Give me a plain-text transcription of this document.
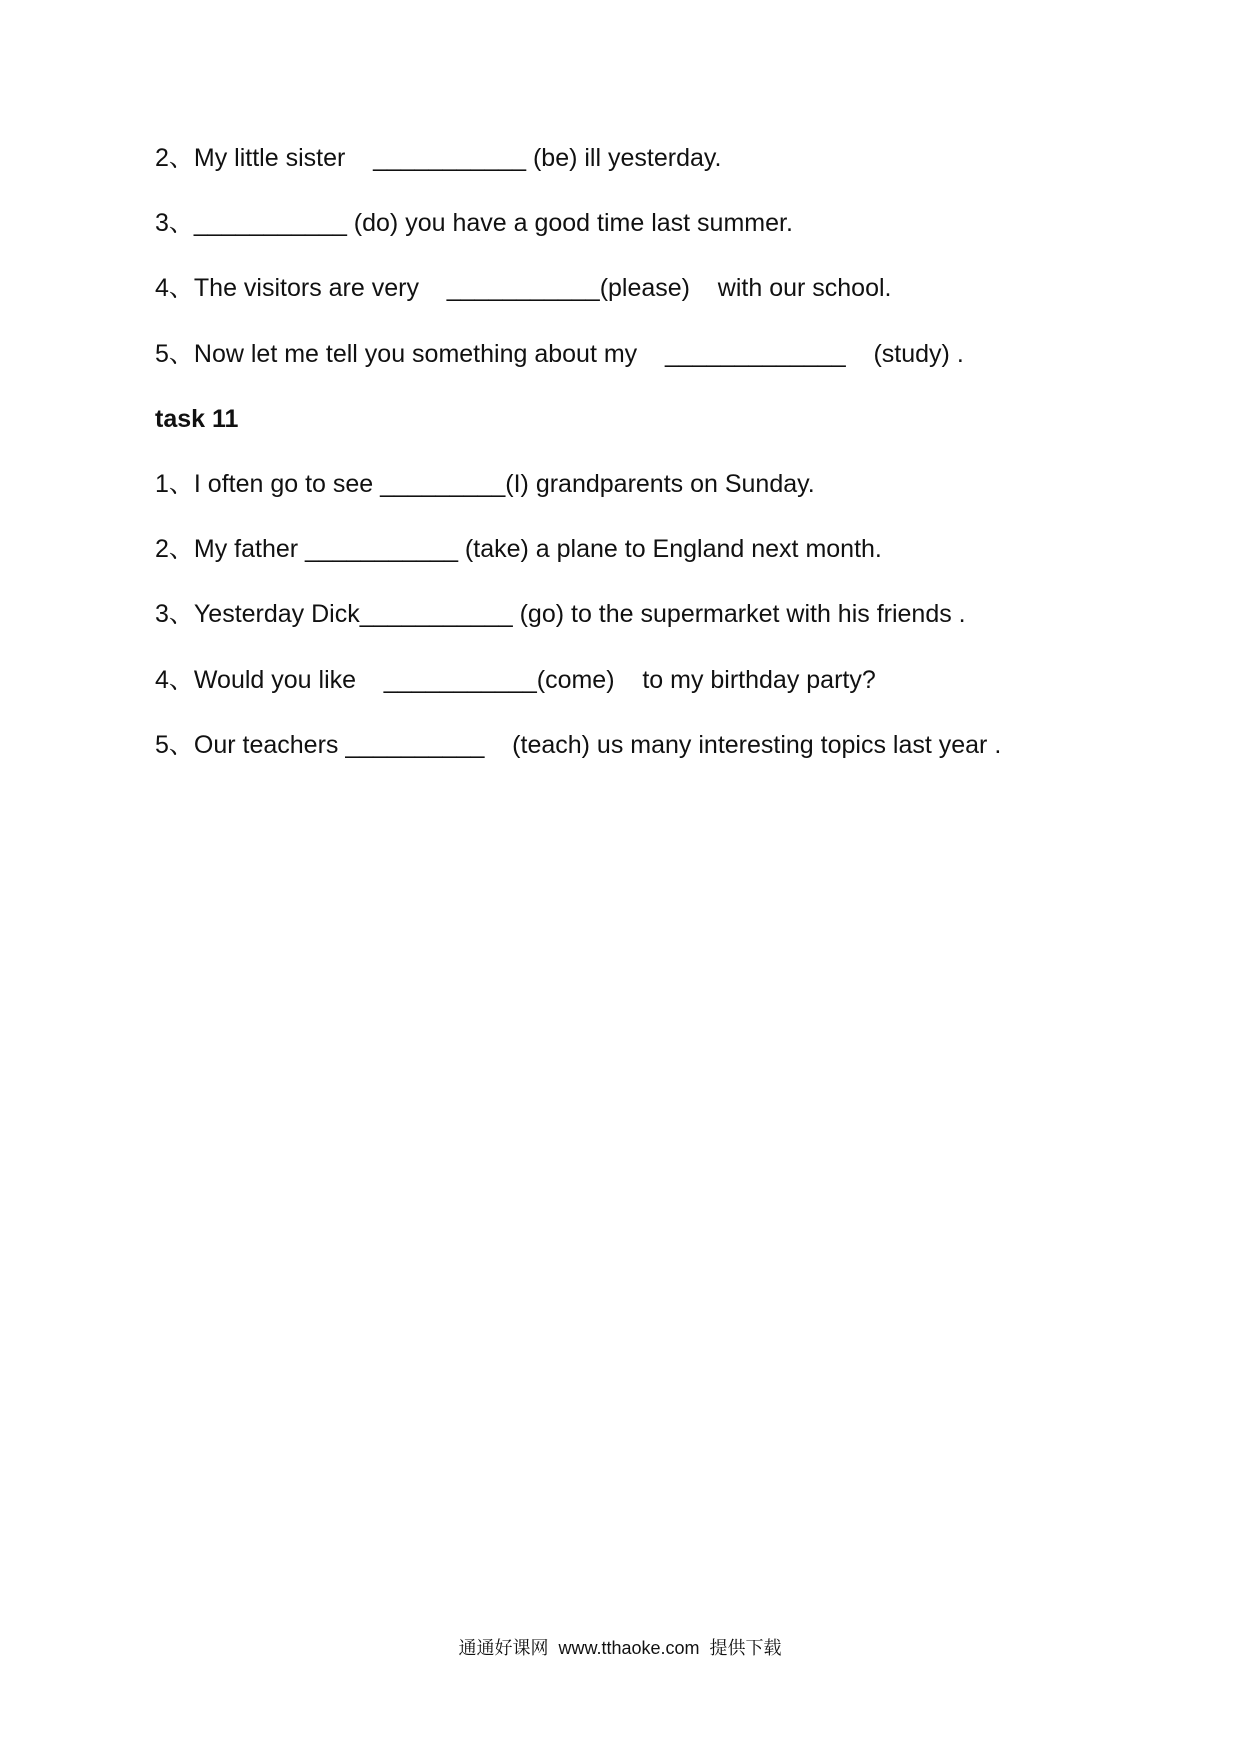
2、My little sister    ___________ (be) ill yesterday.
3、___________ (do) you have a good time last summer.
4、The visitors are very    ___________(please)    with our school.
5、Now let me tell you something about my    _____________    (study) .
task 11
1、I often go to see _________(I) grandparents on Sunday.
2、My father ___________ (take) a plane to England next month.
3、Yesterday Dick___________ (go) to the supermarket with his friends .
4、Would you like    ___________(come)    to my birthday party?
5、Our teachers __________    (teach) us many interesting topics last year .
通通好课网  www.tthaoke.com  提供下载
